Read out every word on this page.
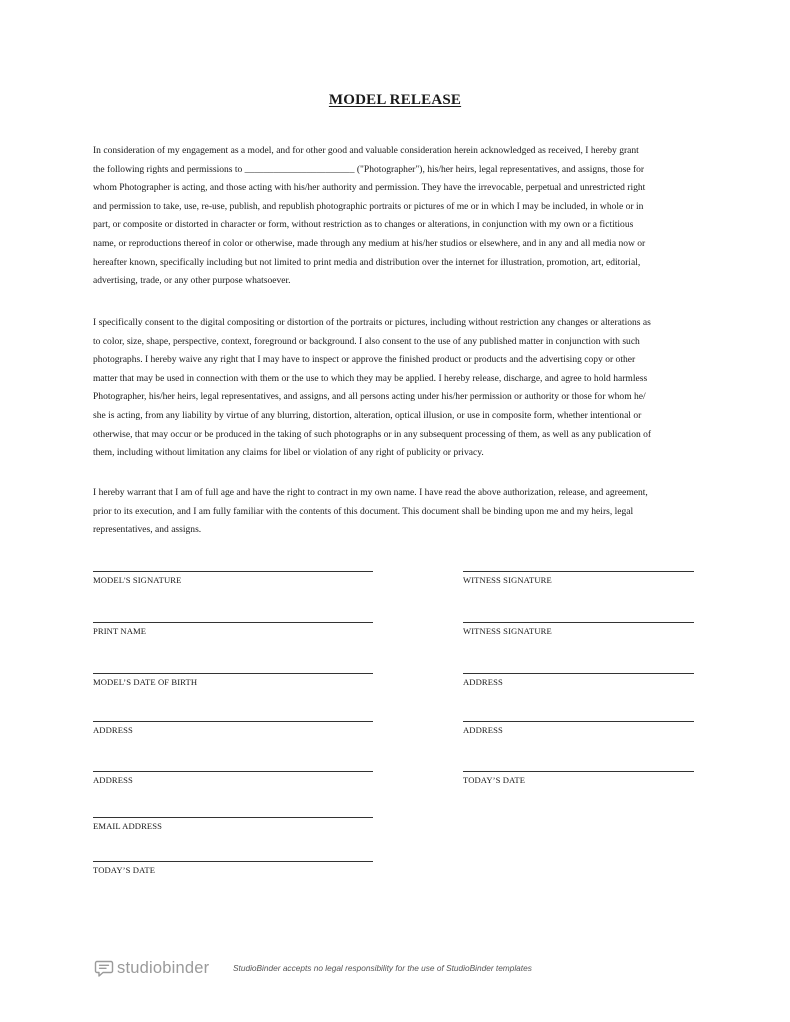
MODEL RELEASE

In consideration of my engagement as a model, and for other good and valuable consideration herein acknowledged as received, I hereby grant
the following rights and permissions to _______________________ ("Photographer"), his/her heirs, legal representatives, and assigns, those for
whom Photographer is acting, and those acting with his/her authority and permission. They have the irrevocable, perpetual and unrestricted right
and permission to take, use, re-use, publish, and republish photographic portraits or pictures of me or in which I may be included, in whole or in
part, or composite or distorted in character or form, without restriction as to changes or alterations, in conjunction with my own or a fictitious
name, or reproductions thereof in color or otherwise, made through any medium at his/her studios or elsewhere, and in any and all media now or
hereafter known, specifically including but not limited to print media and distribution over the internet for illustration, promotion, art, editorial,
advertising, trade, or any other purpose whatsoever.

I specifically consent to the digital compositing or distortion of the portraits or pictures, including without restriction any changes or alterations as
to color, size, shape, perspective, context, foreground or background. I also consent to the use of any published matter in conjunction with such
photographs. I hereby waive any right that I may have to inspect or approve the finished product or products and the advertising copy or other
matter that may be used in connection with them or the use to which they may be applied. I hereby release, discharge, and agree to hold harmless
Photographer, his/her heirs, legal representatives, and assigns, and all persons acting under his/her permission or authority or those for whom he/
she is acting, from any liability by virtue of any blurring, distortion, alteration, optical illusion, or use in composite form, whether intentional or
otherwise, that may occur or be produced in the taking of such photographs or in any subsequent processing of them, as well as any publication of
them, including without limitation any claims for libel or violation of any right of publicity or privacy.

I hereby warrant that I am of full age and have the right to contract in my own name. I have read the above authorization, release, and agreement,
prior to its execution, and I am fully familiar with the contents of this document. This document shall be binding upon me and my heirs, legal
representatives, and assigns.

MODEL'S SIGNATURE
PRINT NAME
MODEL’S DATE OF BIRTH
ADDRESS
ADDRESS
EMAIL ADDRESS
TODAY’S DATE
WITNESS SIGNATURE
WITNESS SIGNATURE
ADDRESS
ADDRESS
TODAY’S DATE
studiobinder	StudioBinder accepts no legal responsibility for the use of StudioBinder templates
